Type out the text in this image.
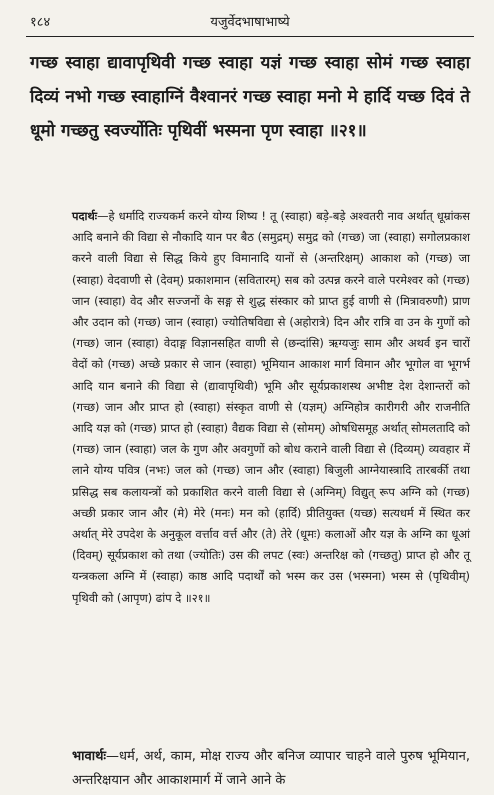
१८४	यजुर्वेदभाषाभाष्ये
गच्छ स्वाहा द्यावापृथिवी गच्छ स्वाहा यज्ञं गच्छ स्वाहा सोमं गच्छ स्वाहा दिव्यं नभो गच्छ स्वाहाग्निं वैश्वानरं गच्छ स्वाहा मनो मे हार्दि यच्छ दिवं ते धूमो गच्छतु स्वर्ज्योतिः पृथिवीं भस्मना पृण स्वाहा ॥२१॥

पदार्थः—हे धर्मादि राज्यकर्म करने योग्य शिष्य ! तू (स्वाहा) बड़े-बड़े अश्वतरी नाव अर्थात् धूम्रांकस आदि बनाने की विद्या से नौकादि यान पर बैठ (समुद्रम्) समुद्र को (गच्छ) जा (स्वाहा) सगोलप्रकाश करने वाली विद्या से सिद्ध किये हुए विमानादि यानों से (अन्तरिक्षम्) आकाश को (गच्छ) जा (स्वाहा) वेदवाणी से (देवम्) प्रकाशमान (सवितारम्) सब को उत्पन्न करने वाले परमेश्वर को (गच्छ) जान (स्वाहा) वेद और सज्जनों के सङ्ग से शुद्ध संस्कार को प्राप्त हुई वाणी से (मित्रावरुणौ) प्राण और उदान को (गच्छ) जान (स्वाहा) ज्योतिषविद्या से (अहोरात्रे) दिन और रात्रि वा उन के गुणों को (गच्छ) जान (स्वाहा) वेदाङ्ग विज्ञानसहित वाणी से (छन्दांसि) ऋग्यजुः साम और अथर्व इन चारों वेदों को (गच्छ) अच्छे प्रकार से जान (स्वाहा) भूमियान आकाश मार्ग विमान और भूगोल वा भूगर्भ आदि यान बनाने की विद्या से (द्यावापृथिवी) भूमि और सूर्यप्रकाशस्थ अभीष्ट देश देशान्तरों को (गच्छ) जान और प्राप्त हो (स्वाहा) संस्कृत वाणी से (यज्ञम्) अग्निहोत्र कारीगरी और राजनीति आदि यज्ञ को (गच्छ) प्राप्त हो (स्वाहा) वैद्यक विद्या से (सोमम्) ओषधिसमूह अर्थात् सोमलतादि को (गच्छ) जान (स्वाहा) जल के गुण और अवगुणों को बोध कराने वाली विद्या से (दिव्यम्) व्यवहार में लाने योग्य पवित्र (नभः) जल को (गच्छ) जान और (स्वाहा) बिजुली आग्नेयास्त्रादि तारबर्की तथा प्रसिद्ध सब कलायन्त्रों को प्रकाशित करने वाली विद्या से (अग्निम्) विद्युत् रूप अग्नि को (गच्छ) अच्छी प्रकार जान और (मे) मेरे (मनः) मन को (हार्दि) प्रीतियुक्त (यच्छ) सत्यधर्म में स्थित कर अर्थात् मेरे उपदेश के अनुकूल वर्त्ताव वर्त्त और (ते) तेरे (धूमः) कलाओं और यज्ञ के अग्नि का धूआं (दिवम्) सूर्यप्रकाश को तथा (ज्योतिः) उस की लपट (स्वः) अन्तरिक्ष को (गच्छतु) प्राप्त हो और तू यन्त्रकला अग्नि में (स्वाहा) काष्ठ आदि पदार्थों को भस्म कर उस (भस्मना) भस्म से (पृथिवीम्) पृथिवी को (आपृण) ढांप दे ॥२१॥

भावार्थः—धर्म, अर्थ, काम, मोक्ष राज्य और बनिज व्यापार चाहने वाले पुरुष भूमियान, अन्तरिक्षयान और आकाशमार्ग में जाने आने के
